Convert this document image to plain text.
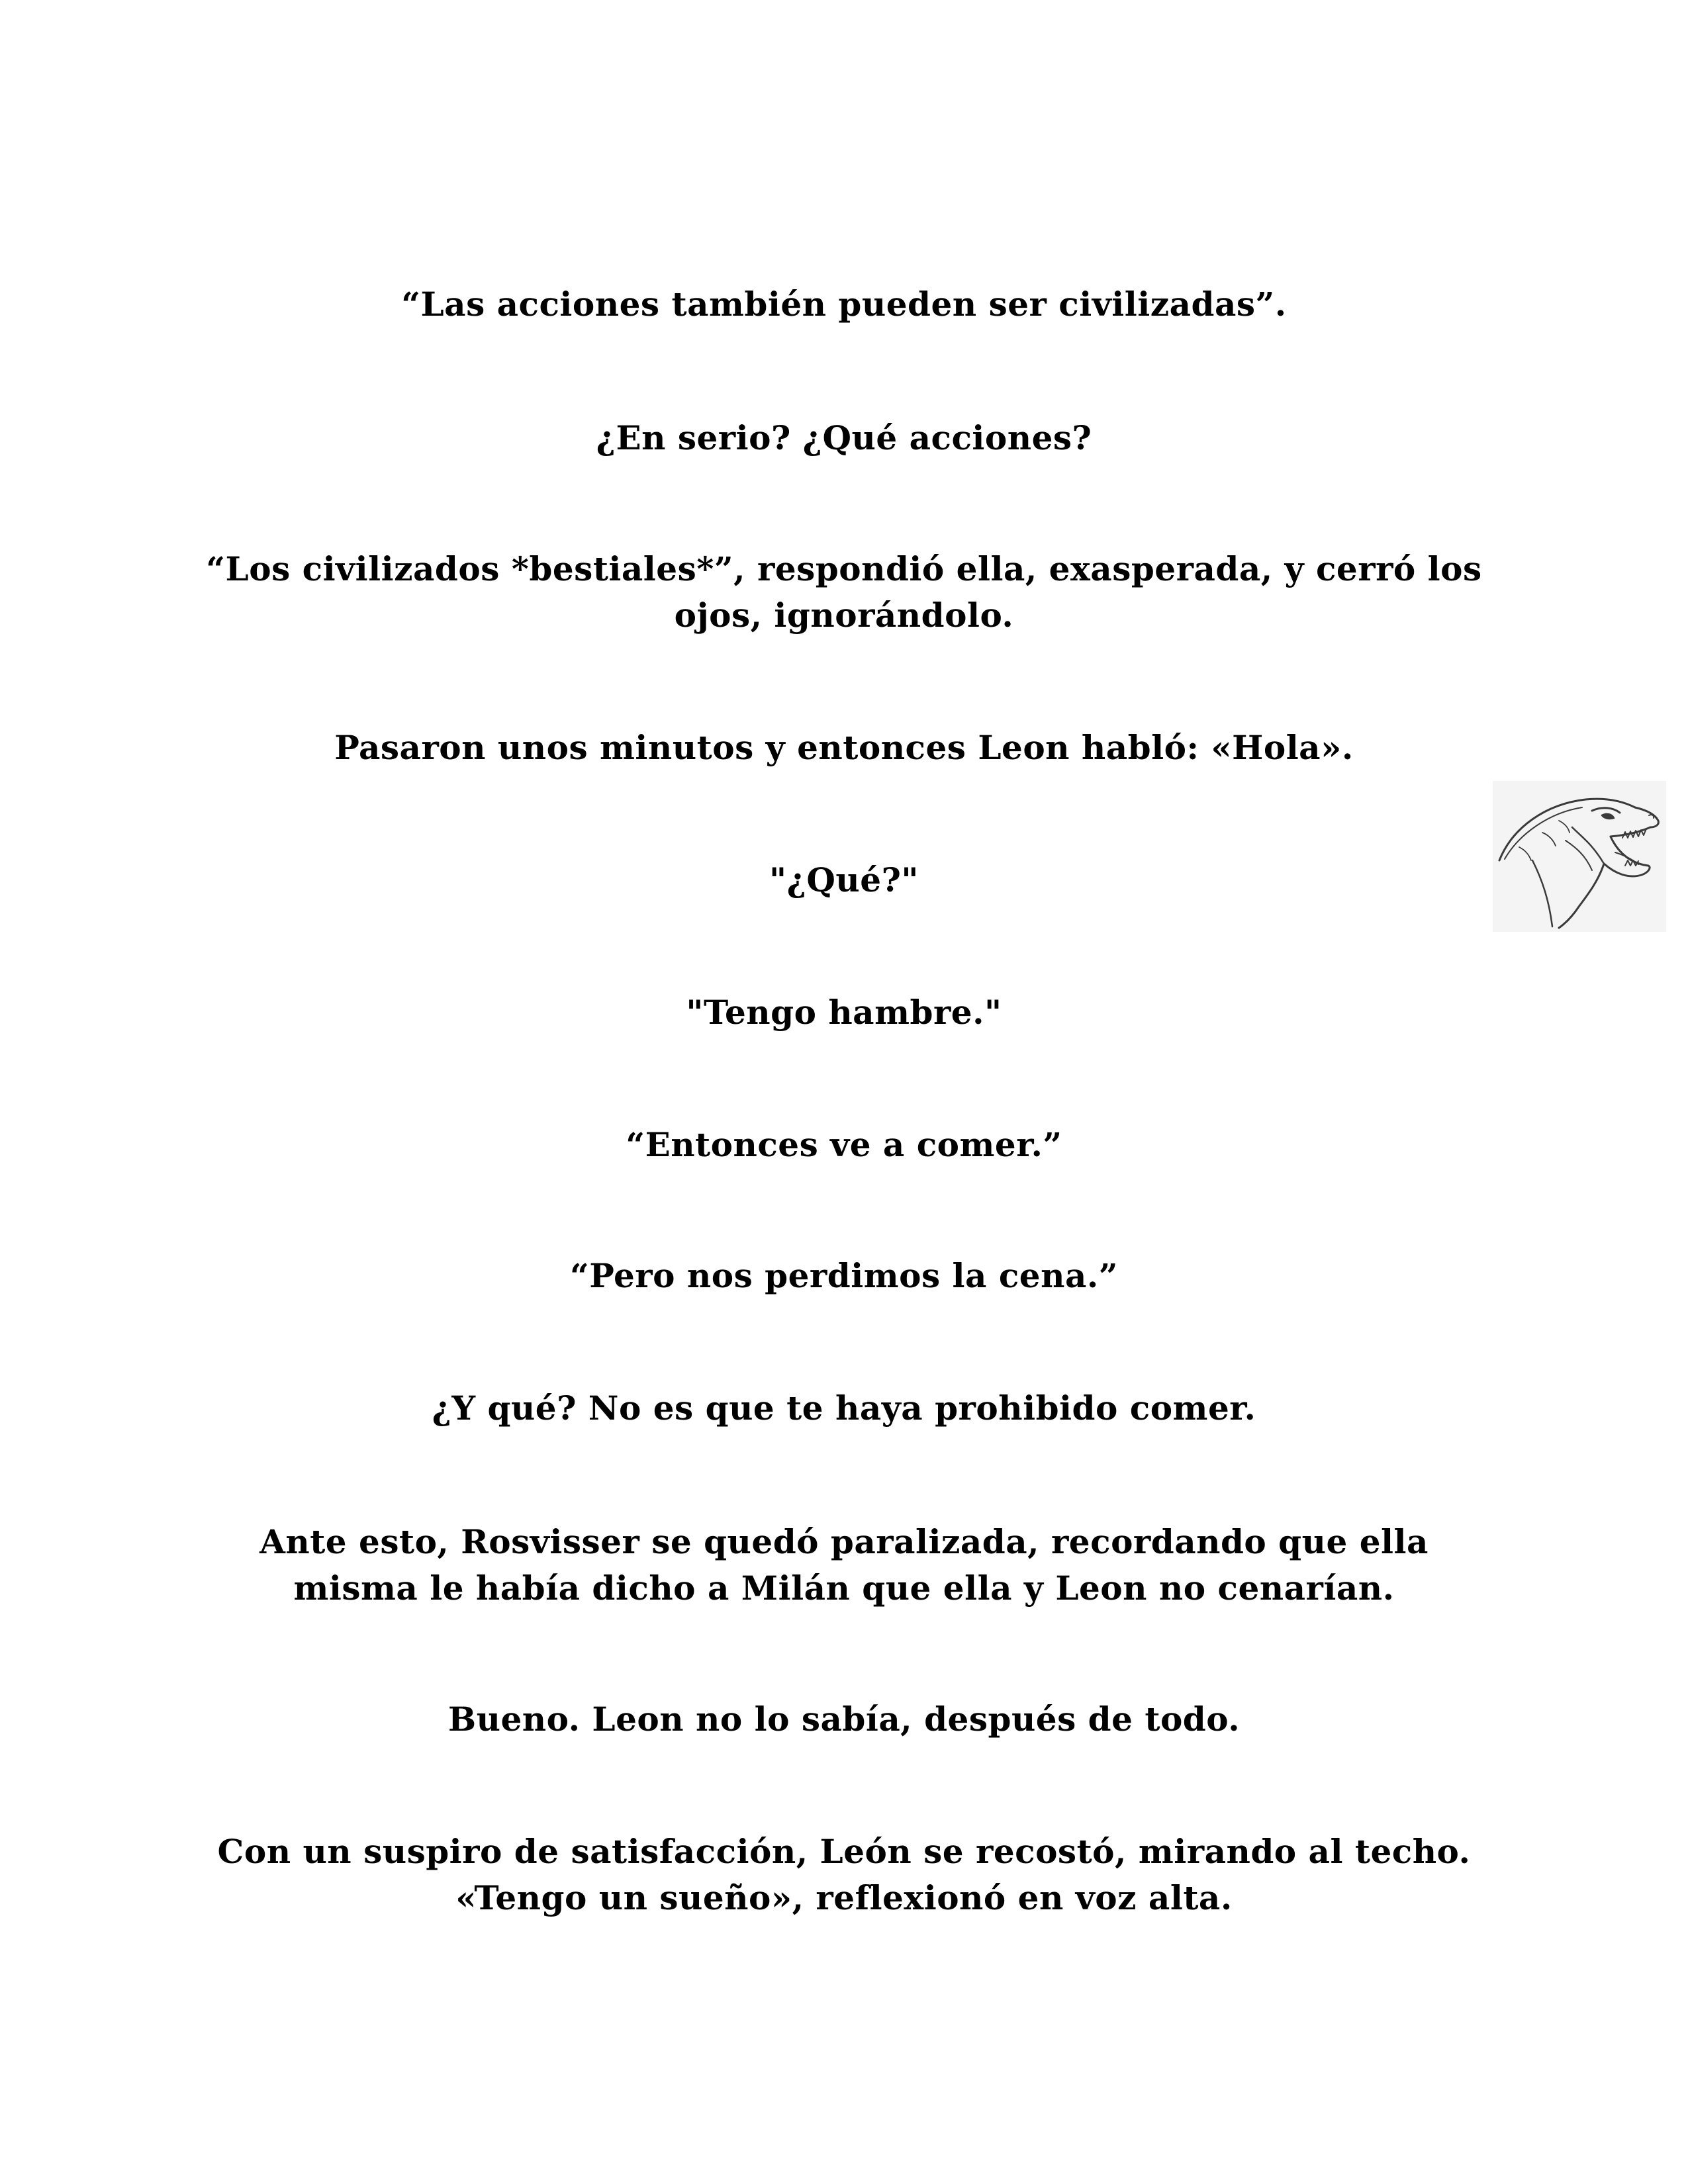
“Las acciones también pueden ser civilizadas”.

¿En serio? ¿Qué acciones?

“Los civilizados *bestiales*”, respondió ella, exasperada, y cerró los ojos, ignorándolo.

Pasaron unos minutos y entonces Leon habló: «Hola».

"¿Qué?"

"Tengo hambre."

“Entonces ve a comer.”

“Pero nos perdimos la cena.”

¿Y qué? No es que te haya prohibido comer.

Ante esto, Rosvisser se quedó paralizada, recordando que ella misma le había dicho a Milán que ella y Leon no cenarían.

Bueno. Leon no lo sabía, después de todo.

Con un suspiro de satisfacción, León se recostó, mirando al techo. «Tengo un sueño», reflexionó en voz alta.
